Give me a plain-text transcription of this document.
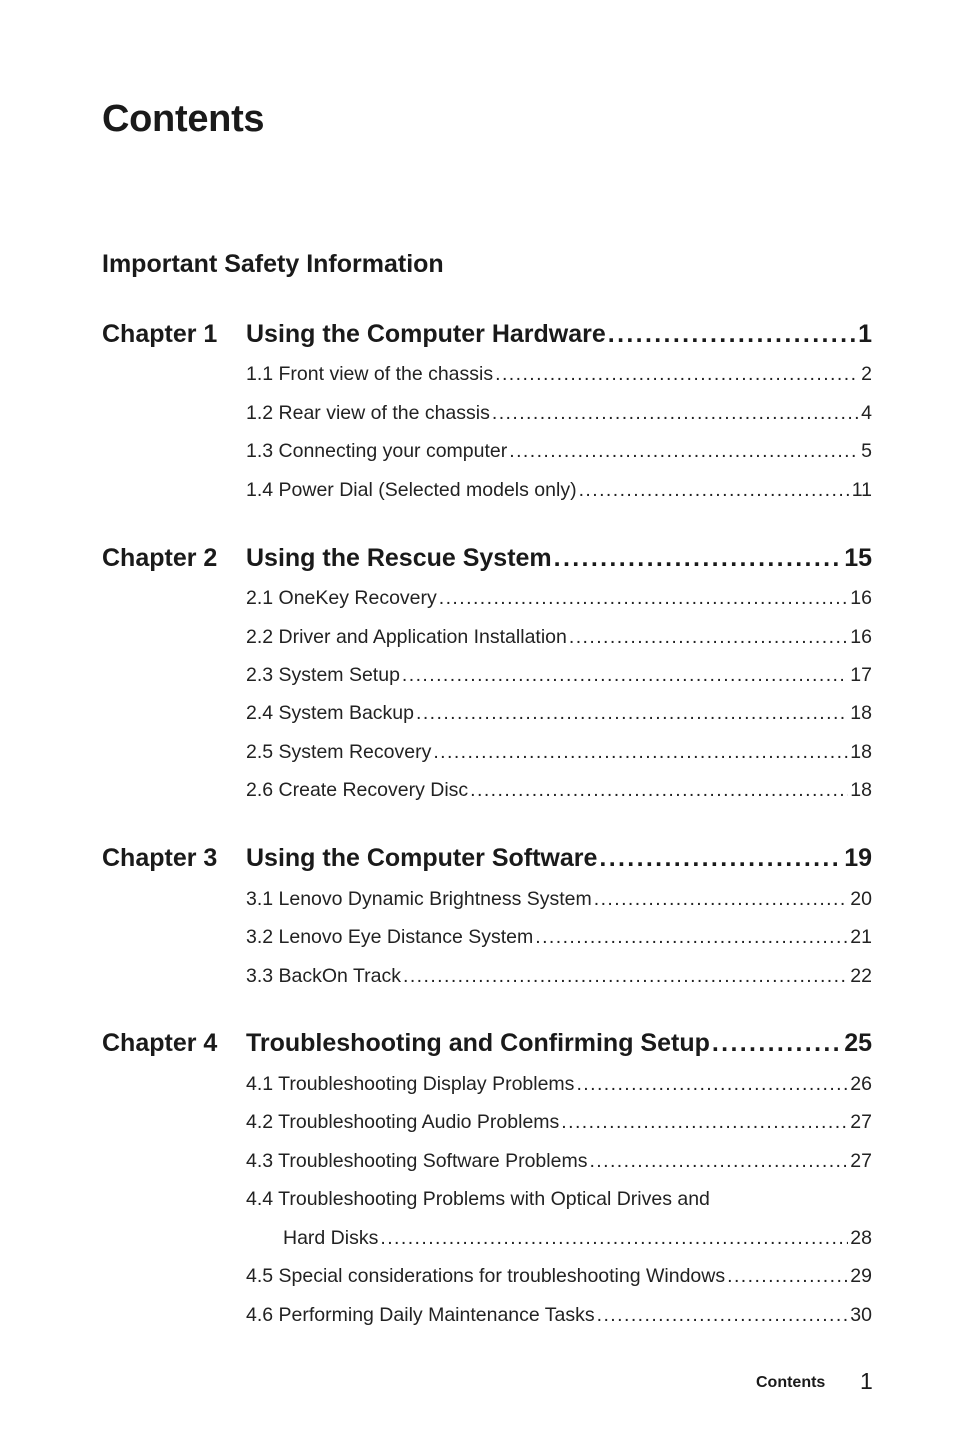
Contents
Important Safety Information
Chapter 1 Using the Computer Hardware . . .	1
1.1 Front view of the chassis . . .	2
1.2 Rear view of the chassis . . .	4
1.3 Connecting your computer . . .	5
1.4 Power Dial (Selected models only) . . .	11
Chapter 2 Using the Rescue System . . .	15
2.1 OneKey Recovery . . .	16
2.2 Driver and Application Installation . . .	16
2.3 System Setup . . .	17
2.4 System Backup . . .	18
2.5 System Recovery . . .	18
2.6 Create Recovery Disc . . .	18
Chapter 3 Using the Computer Software . . .	19
3.1 Lenovo Dynamic Brightness System . . .	20
3.2 Lenovo Eye Distance System . . .	21
3.3 BackOn Track . . .	22
Chapter 4 Troubleshooting and Confirming Setup . . .	25
4.1 Troubleshooting Display Problems . . .	26
4.2 Troubleshooting Audio Problems . . .	27
4.3 Troubleshooting Software Problems . . .	27
4.4 Troubleshooting Problems with Optical Drives and
Hard Disks . . .	28
4.5 Special considerations for troubleshooting Windows . . .	29
4.6 Performing Daily Maintenance Tasks . . .	30
Contents 1
